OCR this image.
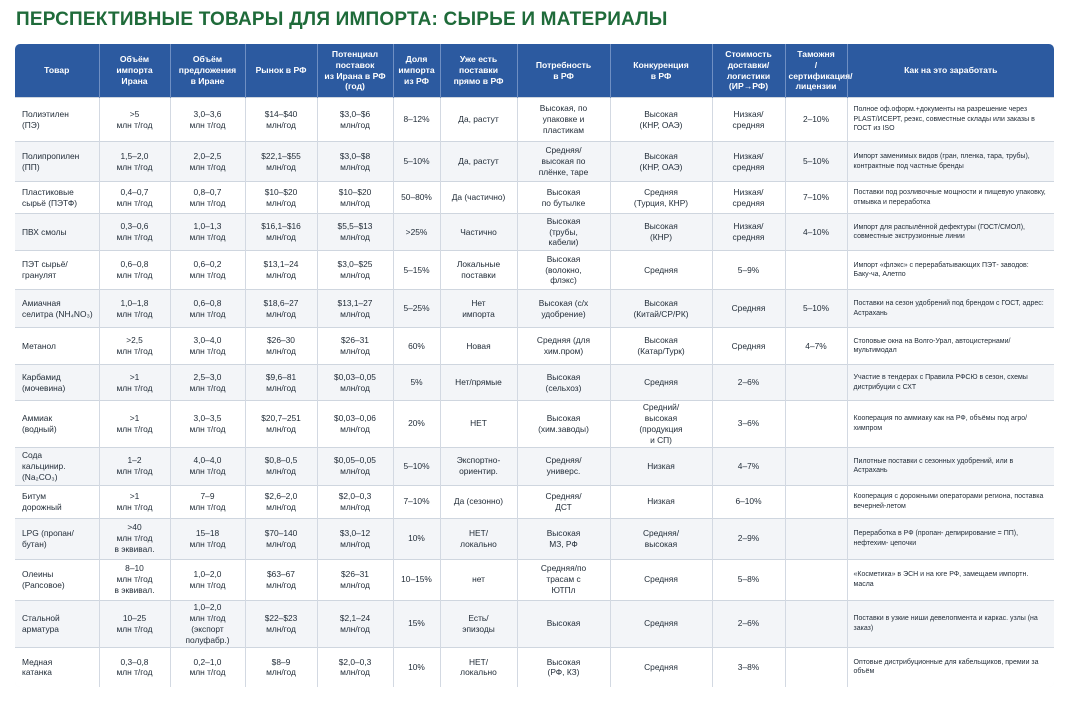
ПЕРСПЕКТИВНЫЕ ТОВАРЫ ДЛЯ ИМПОРТА: СЫРЬЕ И МАТЕРИАЛЫ
Товар	Объём
импорта
Ирана	Объём
предложения
в Иране	Рынок в РФ	Потенциал
поставок
из Ирана в РФ
(год)	Доля
импорта
из РФ	Уже есть
поставки
прямо в РФ	Потребность
в РФ	Конкуренция
в РФ	Стоимость
доставки/
логистики
(ИР→РФ)	Таможня
/сертификация/
лицензии	Как на это заработать
Полиэтилен
(ПЭ)	>5
млн т/год	3,0–3,6
млн т/год	$14–$40
млн/год	$3,0–$6
млн/год	8–12%	Да, растут	Высокая, по
упаковке и
пластикам	Высокая
(КНР, ОАЭ)	Низкая/
средняя	2–10%	Полное оф.оформ.+документы на разрешение через PLAST/ИСЕРТ, реэкс, совместные склады или заказы в ГОСТ из ISO
Полипропилен
(ПП)	1,5–2,0
млн т/год	2,0–2,5
млн т/год	$22,1–$55
млн/год	$3,0–$8
млн/год	5–10%	Да, растут	Средняя/
высокая по
плёнке, таре	Высокая
(КНР, ОАЭ)	Низкая/
средняя	5–10%	Импорт заменимых видов (гран, пленка, тара, трубы), контрактные под частные бренды
Пластиковые
сырьё (ПЭТФ)	0,4–0,7
млн т/год	0,8–0,7
млн т/год	$10–$20
млн/год	$10–$20
млн/год	50–80%	Да (частично)	Высокая
по бутылке	Средняя
(Турция, КНР)	Низкая/
средняя	7–10%	Поставки под розливочные мощности и пищевую упаковку, отмывка и переработка
ПВХ смолы	0,3–0,6
млн т/год	1,0–1,3
млн т/год	$16,1–$16
млн/год	$5,5–$13
млн/год	>25%	Частично	Высокая
(трубы,
кабели)	Высокая
(КНР)	Низкая/
средняя	4–10%	Импорт для распылённой дефектуры (ГОСТ/СМОЛ), совместные экструзионные линии
ПЭТ сырьё/
гранулят	0,6–0,8
млн т/год	0,6–0,2
млн т/год	$13,1–24
млн/год	$3,0–$25
млн/год	5–15%	Локальные
поставки	Высокая
(волокно,
флэкс)	Средняя	5–9%		Импорт «флэкс» с перерабатывающих ПЭТ- заводов: Баку-ча, Алетпо
Амиачная
селитра (NH₄NO₃)	1,0–1,8
млн т/год	0,6–0,8
млн т/год	$18,6–27
млн/год	$13,1–27
млн/год	5–25%	Нет
импорта	Высокая (с/х
удобрение)	Высокая
(Китай/СР/РК)	Средняя	5–10%	Поставки на сезон удобрений под брендом с ГОСТ, адрес: Астрахань
Метанол	>2,5
млн т/год	3,0–4,0
млн т/год	$26–30
млн/год	$26–31
млн/год	60%	Новая	Средняя (для
хим.пром)	Высокая
(Катар/Турк)	Средняя	4–7%	Стоповые окна на Волго-Урал, автоцистернами/мультимодал
Карбамид
(мочевина)	>1
млн т/год	2,5–3,0
млн т/год	$9,6–81
млн/год	$0,03–0,05
млн/год	5%	Нет/прямые	Высокая
(сельхоз)	Средняя	2–6%		Участие в тендерах с Правила РФСЮ в сезон, схемы дистрибуции с СХТ
Аммиак
(водный)	>1
млн т/год	3,0–3,5
млн т/год	$20,7–251
млн/год	$0,03–0,06
млн/год	20%	НЕТ	Высокая
(хим.заводы)	Средний/
высокая
(продукция
и СП)	3–6%		Кооперация по аммиаку как на РФ, объёмы под агро/химпром
Сода
кальцинир.
(Na₂CO₃)	1–2
млн т/год	4,0–4,0
млн т/год	$0,8–0,5
млн/год	$0,05–0,05
млн/год	5–10%	Экспортно-
ориентир.	Средняя/
универс.	Низкая	4–7%		Пилотные поставки с сезонных удобрений, или в Астрахань
Битум
дорожный	>1
млн т/год	7–9
млн т/год	$2,6–2,0
млн/год	$2,0–0,3
млн/год	7–10%	Да (сезонно)	Средняя/
ДСТ	Низкая	6–10%		Кооперация с дорожными операторами региона, поставка вечерней-летом
LPG (пропан/
бутан)	>40
млн т/год
в эквивал.	15–18
млн т/год	$70–140
млн/год	$3,0–12
млн/год	10%	НЕТ/
локально	Высокая
МЗ, РФ	Средняя/
высокая	2–9%		Переработка в РФ (пропан- депирирование = ПП), нефтехим- цепочки
Олеины
(Рапсовое)	8–10
млн т/год
в эквивал.	1,0–2,0
млн т/год	$63–67
млн/год	$26–31
млн/год	10–15%	нет	Средняя/по
трасам с
ЮТПл	Средняя	5–8%		«Косметика» в ЭСН и на юге РФ, замещаем импортн. масла
Стальной
арматура	10–25
млн т/год	1,0–2,0
млн т/год
(экспорт
полуфабр.)	$22–$23
млн/год	$2,1–24
млн/год	15%	Есть/
эпизоды	Высокая	Средняя	2–6%		Поставки в узкие ниши девелопмента и каркас. узлы (на заказ)
Медная
катанка	0,3–0,8
млн т/год	0,2–1,0
млн т/год	$8–9
млн/год	$2,0–0,3
млн/год	10%	НЕТ/
локально	Высокая
(РФ, КЗ)	Средняя	3–8%		Оптовые дистрибуционные для кабельщиков, премии за объём
